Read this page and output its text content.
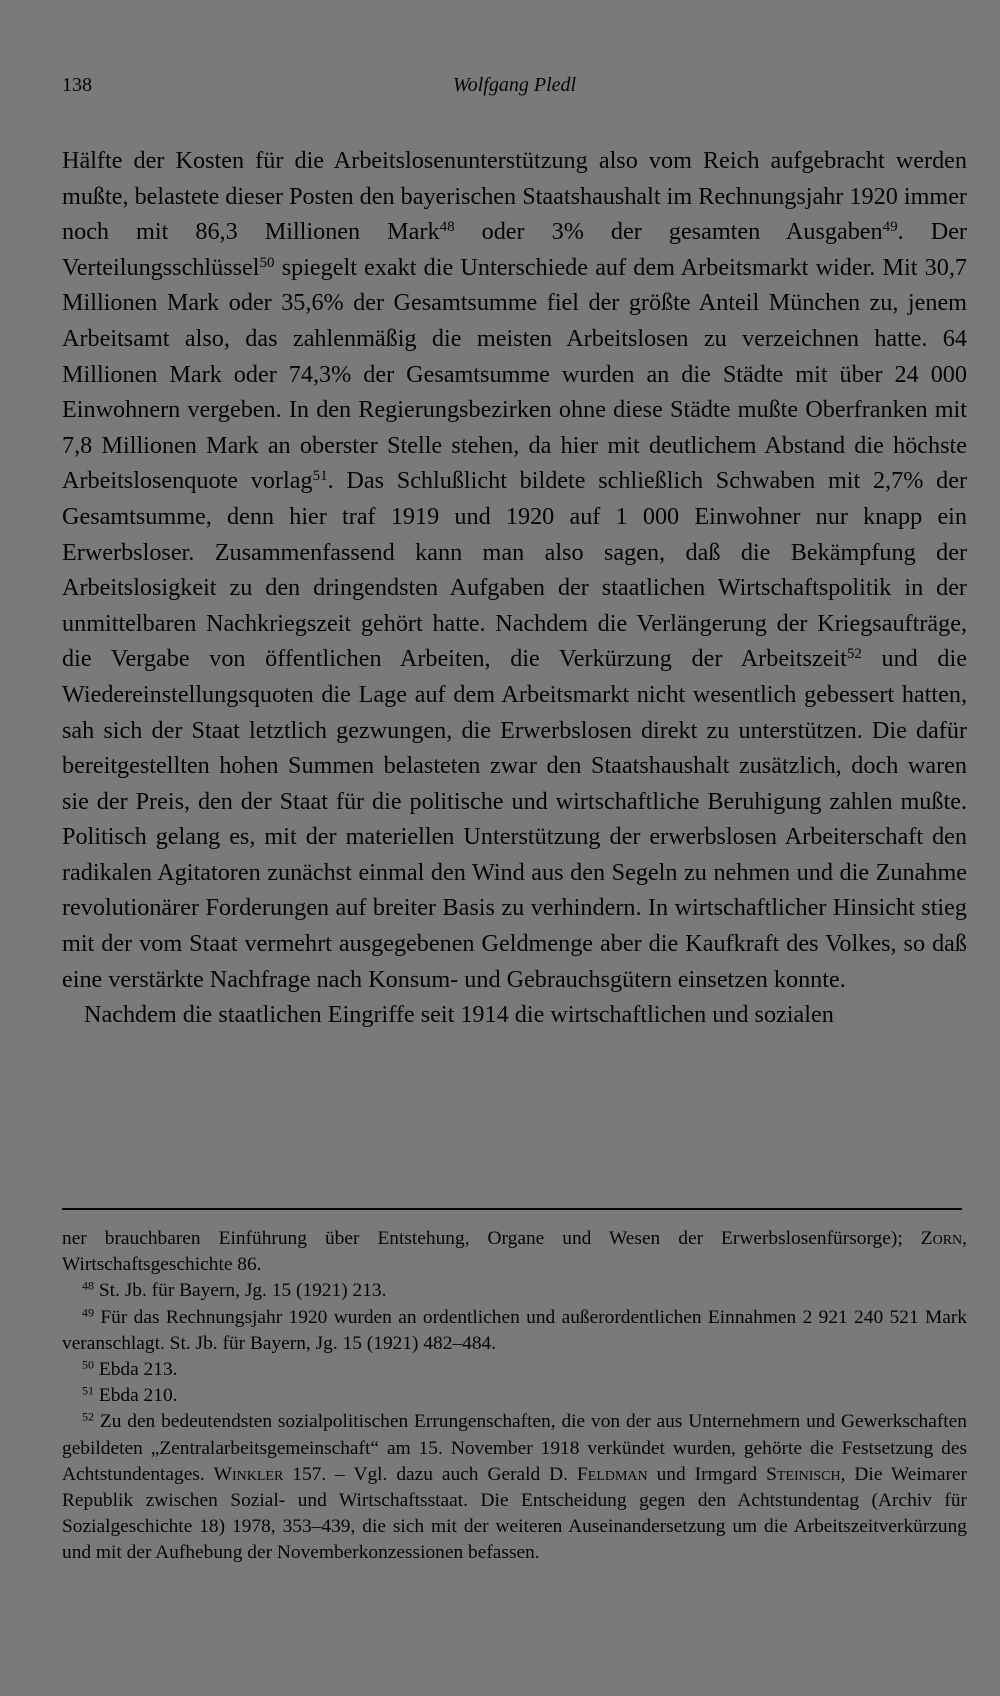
138	Wolfgang Pledl

Hälfte der Kosten für die Arbeitslosenunterstützung also vom Reich aufgebracht werden mußte, belastete dieser Posten den bayerischen Staatshaushalt im Rechnungsjahr 1920 immer noch mit 86,3 Millionen Mark$^{48}$ oder 3% der gesamten Ausgaben$^{49}$. Der Verteilungsschlüssel$^{50}$ spiegelt exakt die Unterschiede auf dem Arbeitsmarkt wider. Mit 30,7 Millionen Mark oder 35,6% der Gesamtsumme fiel der größte Anteil München zu, jenem Arbeitsamt also, das zahlenmäßig die meisten Arbeitslosen zu verzeichnen hatte. 64 Millionen Mark oder 74,3% der Gesamtsumme wurden an die Städte mit über 24 000 Einwohnern vergeben. In den Regierungsbezirken ohne diese Städte mußte Oberfranken mit 7,8 Millionen Mark an oberster Stelle stehen, da hier mit deutlichem Abstand die höchste Arbeitslosenquote vorlag$^{51}$. Das Schlußlicht bildete schließlich Schwaben mit 2,7% der Gesamtsumme, denn hier traf 1919 und 1920 auf 1 000 Einwohner nur knapp ein Erwerbsloser. Zusammenfassend kann man also sagen, daß die Bekämpfung der Arbeitslosigkeit zu den dringendsten Aufgaben der staatlichen Wirtschaftspolitik in der unmittelbaren Nachkriegszeit gehört hatte. Nachdem die Verlängerung der Kriegsaufträge, die Vergabe von öffentlichen Arbeiten, die Verkürzung der Arbeitszeit$^{52}$ und die Wiedereinstellungsquoten die Lage auf dem Arbeitsmarkt nicht wesentlich gebessert hatten, sah sich der Staat letztlich gezwungen, die Erwerbslosen direkt zu unterstützen. Die dafür bereitgestellten hohen Summen belasteten zwar den Staatshaushalt zusätzlich, doch waren sie der Preis, den der Staat für die politische und wirtschaftliche Beruhigung zahlen mußte. Politisch gelang es, mit der materiellen Unterstützung der erwerbslosen Arbeiterschaft den radikalen Agitatoren zunächst einmal den Wind aus den Segeln zu nehmen und die Zunahme revolutionärer Forderungen auf breiter Basis zu verhindern. In wirtschaftlicher Hinsicht stieg mit der vom Staat vermehrt ausgegebenen Geldmenge aber die Kaufkraft des Volkes, so daß eine verstärkte Nachfrage nach Konsum- und Gebrauchsgütern einsetzen konnte.

Nachdem die staatlichen Eingriffe seit 1914 die wirtschaftlichen und sozialen

ner brauchbaren Einführung über Entstehung, Organe und Wesen der Erwerbslosenfürsorge); Zorn, Wirtschaftsgeschichte 86.

$^{48}$ St. Jb. für Bayern, Jg. 15 (1921) 213.

$^{49}$ Für das Rechnungsjahr 1920 wurden an ordentlichen und außerordentlichen Einnahmen 2 921 240 521 Mark veranschlagt. St. Jb. für Bayern, Jg. 15 (1921) 482–484.

$^{50}$ Ebda 213.

$^{51}$ Ebda 210.

$^{52}$ Zu den bedeutendsten sozialpolitischen Errungenschaften, die von der aus Unternehmern und Gewerkschaften gebildeten „Zentralarbeitsgemeinschaft“ am 15. November 1918 verkündet wurden, gehörte die Festsetzung des Achtstundentages. Winkler 157. – Vgl. dazu auch Gerald D. Feldman und Irmgard Steinisch, Die Weimarer Republik zwischen Sozial- und Wirtschaftsstaat. Die Entscheidung gegen den Achtstundentag (Archiv für Sozialgeschichte 18) 1978, 353–439, die sich mit der weiteren Auseinandersetzung um die Arbeitszeitverkürzung und mit der Aufhebung der Novemberkonzessionen befassen.
